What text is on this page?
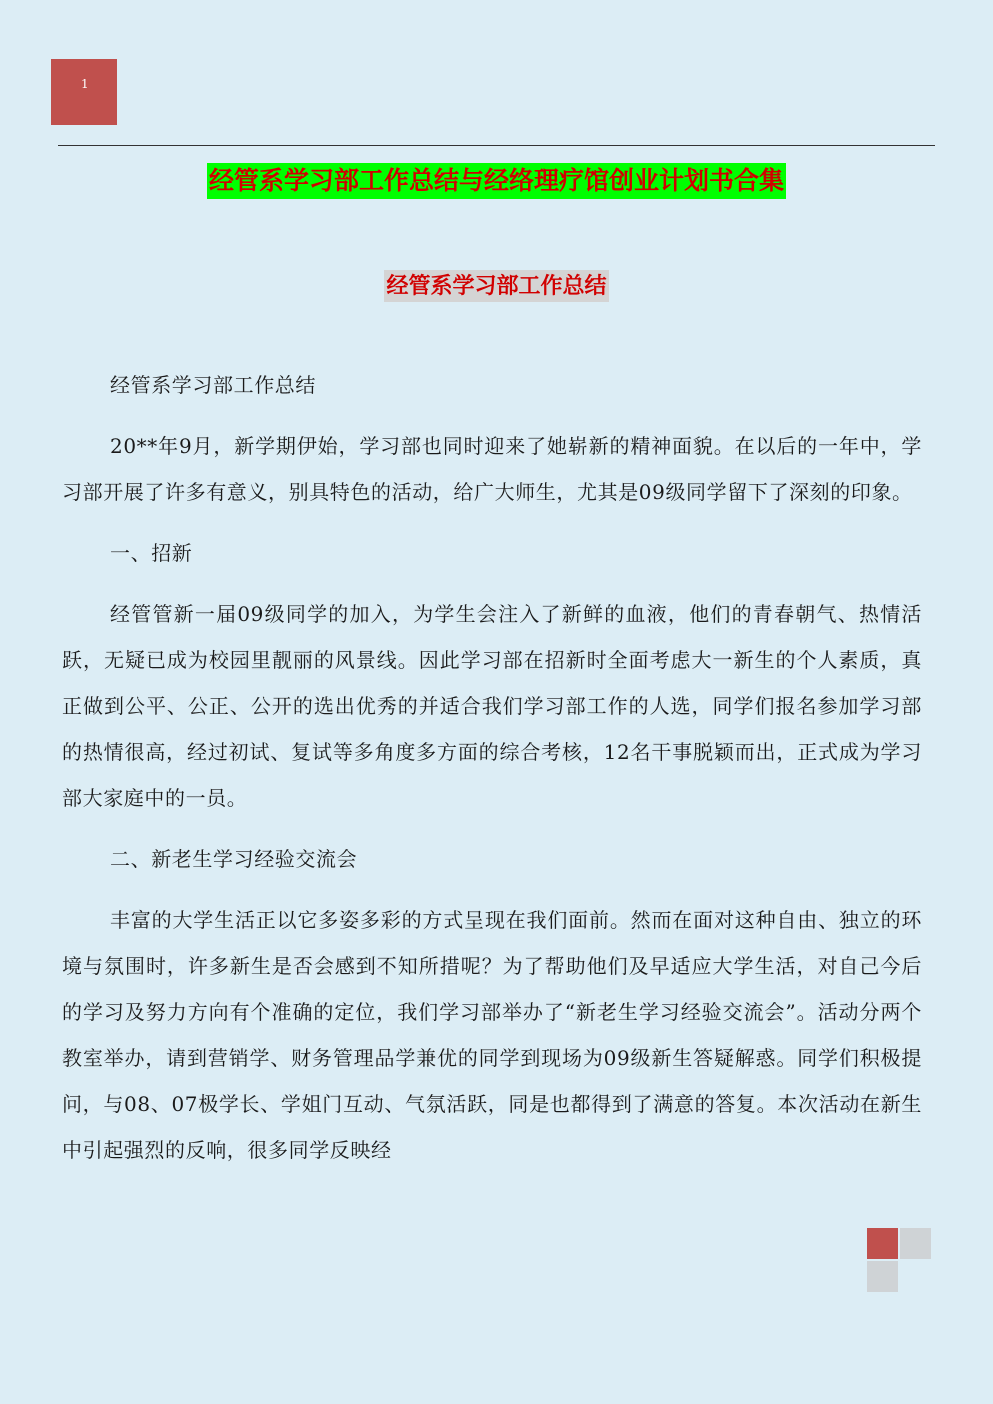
1
经管系学习部工作总结与经络理疗馆创业计划书合集
经管系学习部工作总结

经管系学习部工作总结

20**年9月，新学期伊始，学习部也同时迎来了她崭新的精神面貌。在以后的一年中，学习部开展了许多有意义，别具特色的活动，给广大师生，尤其是09级同学留下了深刻的印象。

一、招新

经管管新一届09级同学的加入，为学生会注入了新鲜的血液，他们的青春朝气、热情活跃，无疑已成为校园里靓丽的风景线。因此学习部在招新时全面考虑大一新生的个人素质，真正做到公平、公正、公开的选出优秀的并适合我们学习部工作的人选，同学们报名参加学习部的热情很高，经过初试、复试等多角度多方面的综合考核，12名干事脱颖而出，正式成为学习部大家庭中的一员。

二、新老生学习经验交流会

丰富的大学生活正以它多姿多彩的方式呈现在我们面前。然而在面对这种自由、独立的环境与氛围时，许多新生是否会感到不知所措呢？为了帮助他们及早适应大学生活，对自己今后的学习及努力方向有个准确的定位，我们学习部举办了“新老生学习经验交流会”。活动分两个教室举办，请到营销学、财务管理品学兼优的同学到现场为09级新生答疑解惑。同学们积极提问，与08、07极学长、学姐门互动、气氛活跃，同是也都得到了满意的答复。本次活动在新生中引起强烈的反响，很多同学反映经
